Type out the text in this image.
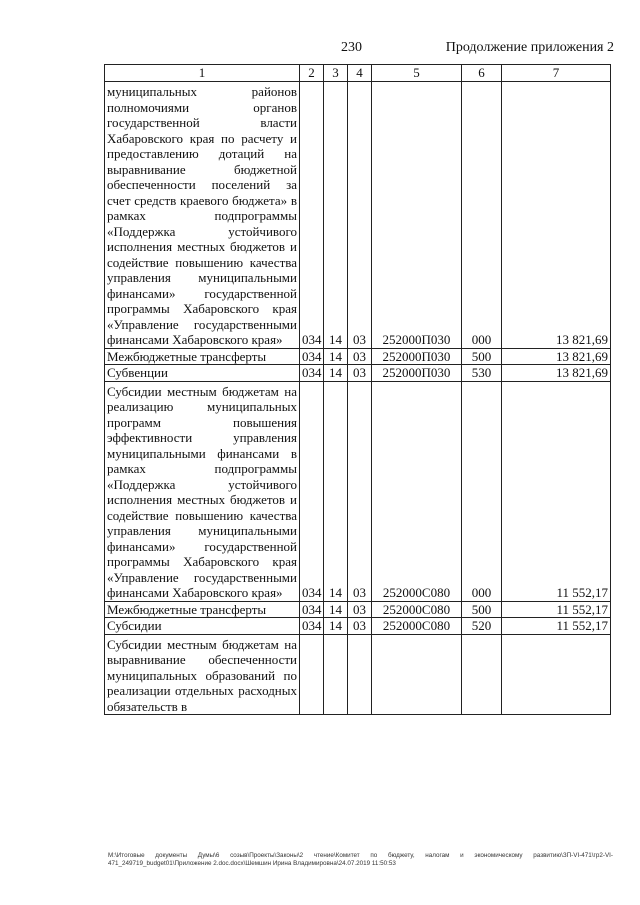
230	Продолжение приложения 2
1	2	3	4	5	6	7
муниципальных районов полномочиями органов государственной власти Хабаровского края по расчету и предоставлению дотаций на выравнивание бюджетной обеспеченности поселений за счет средств краевого бюджета» в рамках подпрограммы «Поддержка устойчивого исполнения местных бюджетов и содействие повышению качества управления муниципальными финансами» государственной программы Хабаровского края «Управление государственными финансами Хабаровского края»	034	14	03	252000П030	000	13 821,69
Межбюджетные трансферты	034	14	03	252000П030	500	13 821,69
Субвенции	034	14	03	252000П030	530	13 821,69
Субсидии местным бюджетам на реализацию муниципальных программ повышения эффективности управления муниципальными финансами в рамках подпрограммы «Поддержка устойчивого исполнения местных бюджетов и содействие повышению качества управления муниципальными финансами» государственной программы Хабаровского края «Управление государственными финансами Хабаровского края»	034	14	03	252000С080	000	11 552,17
Межбюджетные трансферты	034	14	03	252000С080	500	11 552,17
Субсидии	034	14	03	252000С080	520	11 552,17
Субсидии местным бюджетам на выравнивание обеспеченности муниципальных образований по реализации отдельных расходных обязательств в						
М:\Итоговые документы Думы\6 созыв\Проекты\Законы\2 чтение\Комитет по бюджету, налогам и экономическому развитию\ЗП-VI-471\гр2-VI-471_249719_budget01\Приложение 2.doc.docx\Шемшин Ирина Владимировна\24.07.2019 11:50:53
